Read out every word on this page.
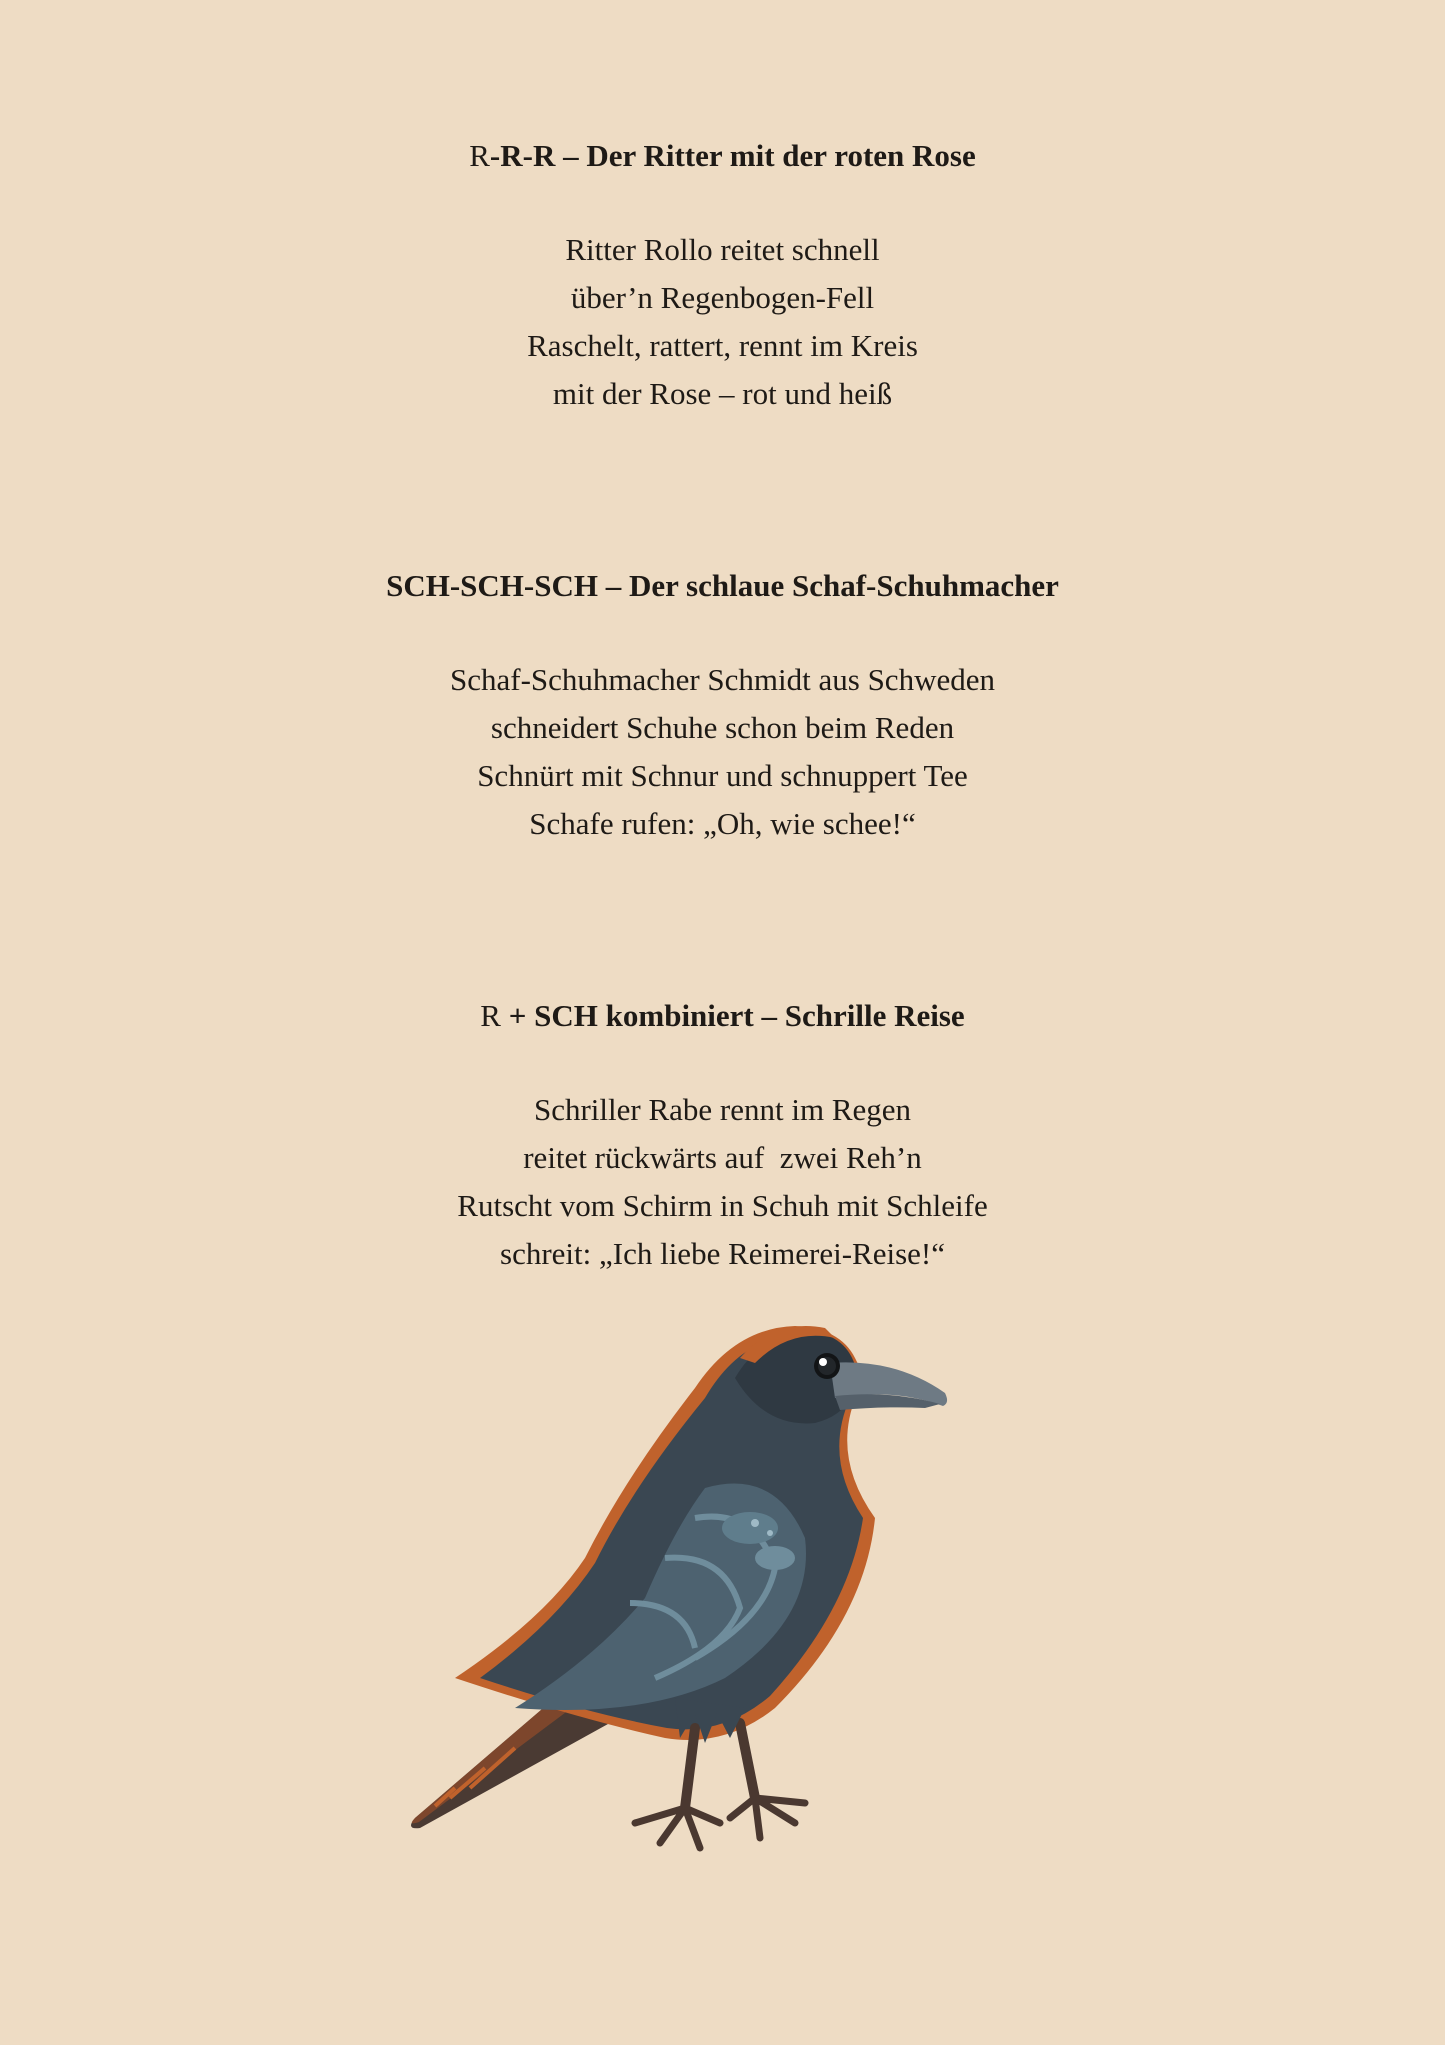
R-R-R – Der Ritter mit der roten Rose
Ritter Rollo reitet schnell
über’n Regenbogen-Fell
Raschelt, rattert, rennt im Kreis
mit der Rose – rot und heiß
SCH-SCH-SCH – Der schlaue Schaf-Schuhmacher
Schaf-Schuhmacher Schmidt aus Schweden
schneidert Schuhe schon beim Reden
Schnürt mit Schnur und schnuppert Tee
Schafe rufen: „Oh, wie schee!“
R + SCH kombiniert – Schrille Reise
Schriller Rabe rennt im Regen
reitet rückwärts auf  zwei Reh’n
Rutscht vom Schirm in Schuh mit Schleife
schreit: „Ich liebe Reimerei-Reise!“
